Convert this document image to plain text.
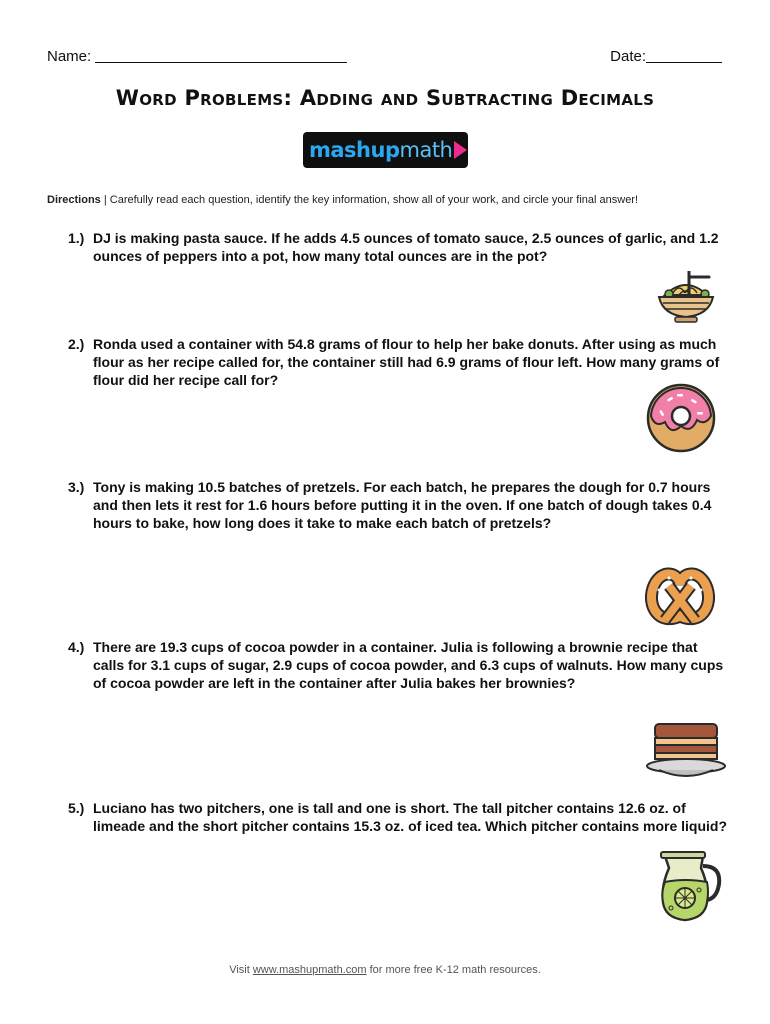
Name:	Date:
Word Problems: Adding and Subtracting Decimals
mashup math
Directions | Carefully read each question, identify the key information, show all of your work, and circle your final answer!
1.) DJ is making pasta sauce. If he adds 4.5 ounces of tomato sauce, 2.5 ounces of garlic, and 1.2 ounces of peppers into a pot, how many total ounces are in the pot?
2.) Ronda used a container with 54.8 grams of flour to help her bake donuts. After using as much flour as her recipe called for, the container still had 6.9 grams of flour left. How many grams of flour did her recipe call for?
3.) Tony is making 10.5 batches of pretzels. For each batch, he prepares the dough for 0.7 hours and then lets it rest for 1.6 hours before putting it in the oven. If one batch of dough takes 0.4 hours to bake, how long does it take to make each batch of pretzels?
4.) There are 19.3 cups of cocoa powder in a container. Julia is following a brownie recipe that calls for 3.1 cups of sugar, 2.9 cups of cocoa powder, and 6.3 cups of walnuts. How many cups of cocoa powder are left in the container after Julia bakes her brownies?
5.) Luciano has two pitchers, one is tall and one is short. The tall pitcher contains 12.6 oz. of limeade and the short pitcher contains 15.3 oz. of iced tea. Which pitcher contains more liquid?
Visit www.mashupmath.com for more free K-12 math resources.
